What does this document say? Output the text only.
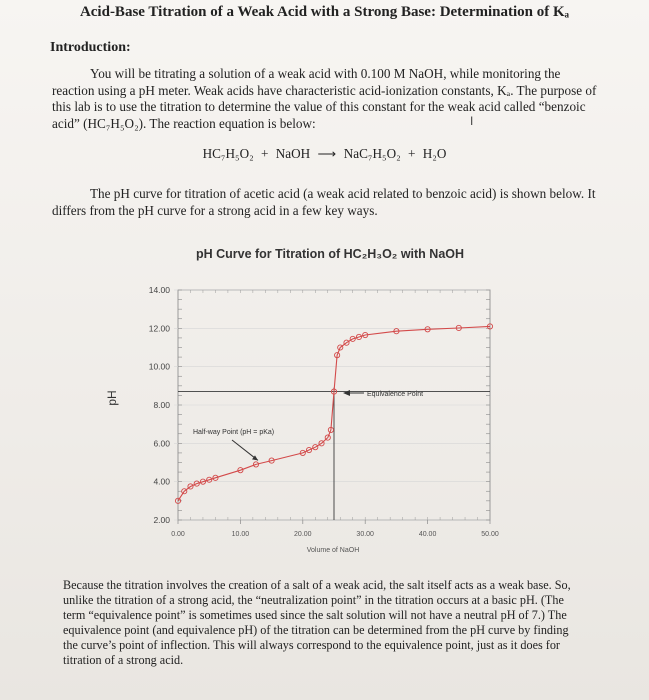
Acid-Base Titration of a Weak Acid with a Strong Base: Determination of Kₐ
Introduction:
You will be titrating a solution of a weak acid with 0.100 M NaOH, while monitoring the reaction using a pH meter. Weak acids have characteristic acid-ionization constants, Kₐ. The purpose of this lab is to use the titration to determine the value of this constant for the weak acid called “benzoic acid” (HC₇H₅O₂). The reaction equation is below:	I
HC₇H₅O₂ + NaOH ⟶ NaC₇H₅O₂ + H₂O
The pH curve for titration of acetic acid (a weak acid related to benzoic acid) is shown below. It differs from the pH curve for a strong acid in a few key ways.
pH Curve for Titration of HC₂H₃O₂ with NaOH
pH
Volume of NaOH
2.00
4.00
6.00
8.00
10.00
12.00
14.00
0.00	10.00	20.00	30.00	40.00	50.00
Half-way Point (pH = pKa)
Equivalence Point
Because the titration involves the creation of a salt of a weak acid, the salt itself acts as a weak base. So, unlike the titration of a strong acid, the “neutralization point” in the titration occurs at a basic pH. (The term “equivalence point” is sometimes used since the salt solution will not have a neutral pH of 7.) The equivalence point (and equivalence pH) of the titration can be determined from the pH curve by finding the curve’s point of inflection. This will always correspond to the equivalence point, just as it does for titration of a strong acid.
